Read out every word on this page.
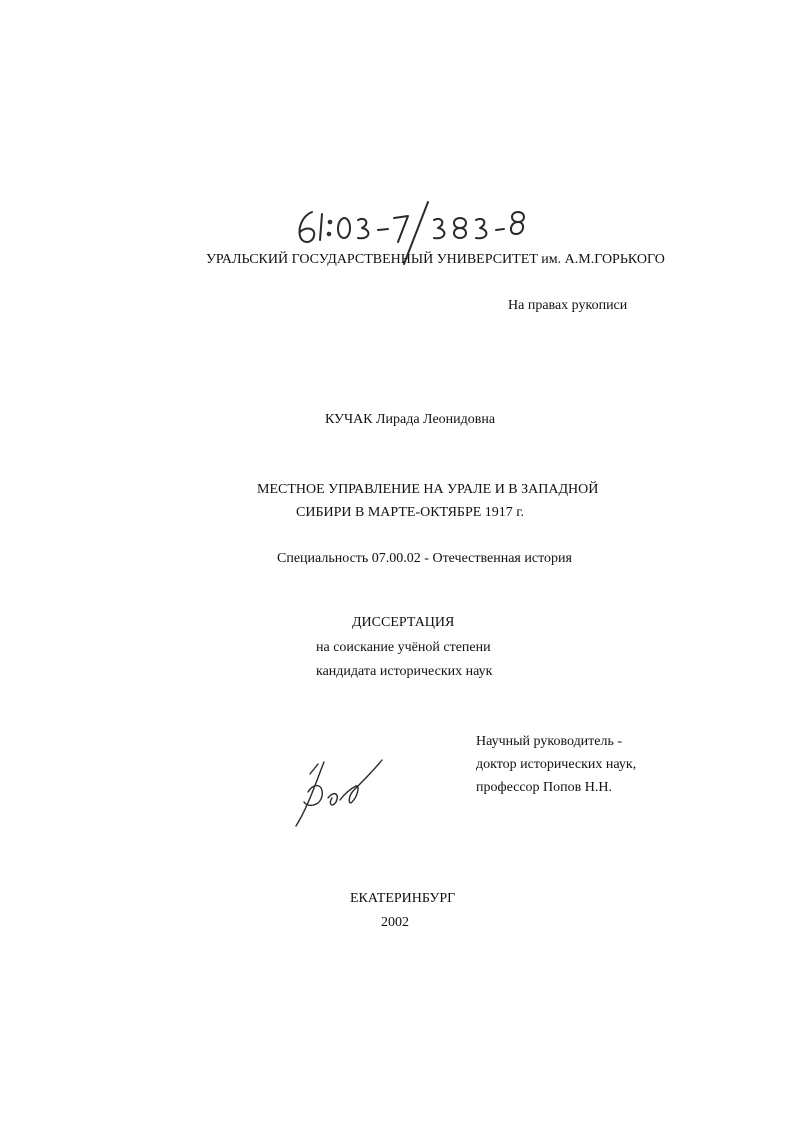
УРАЛЬСКИЙ ГОСУДАРСТВЕННЫЙ УНИВЕРСИТЕТ им. А.М.ГОРЬКОГО
На правах рукописи
КУЧАК Лирада Леонидовна
МЕСТНОЕ УПРАВЛЕНИЕ НА УРАЛЕ И В ЗАПАДНОЙ
СИБИРИ В МАРТЕ-ОКТЯБРЕ 1917 г.
Специальность 07.00.02 - Отечественная история
ДИССЕРТАЦИЯ
на соискание учёной степени
кандидата исторических наук
Научный руководитель -
доктор исторических наук,
профессор Попов Н.Н.
ЕКАТЕРИНБУРГ
2002
